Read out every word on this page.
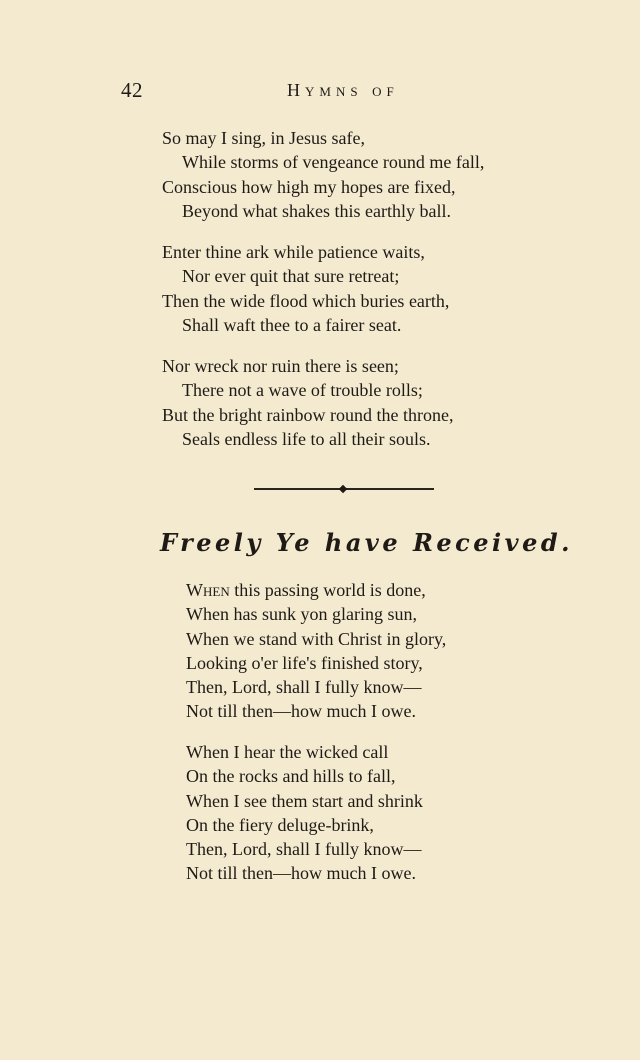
42	Hymns of
So may I sing, in Jesus safe,
While storms of vengeance round me fall,
Conscious how high my hopes are fixed,
Beyond what shakes this earthly ball.
Enter thine ark while patience waits,
Nor ever quit that sure retreat;
Then the wide flood which buries earth,
Shall waft thee to a fairer seat.
Nor wreck nor ruin there is seen;
There not a wave of trouble rolls;
But the bright rainbow round the throne,
Seals endless life to all their souls.
Freely Ye have Received.
When this passing world is done,
When has sunk yon glaring sun,
When we stand with Christ in glory,
Looking o'er life's finished story,
Then, Lord, shall I fully know—
Not till then—how much I owe.
When I hear the wicked call
On the rocks and hills to fall,
When I see them start and shrink
On the fiery deluge-brink,
Then, Lord, shall I fully know—
Not till then—how much I owe.
